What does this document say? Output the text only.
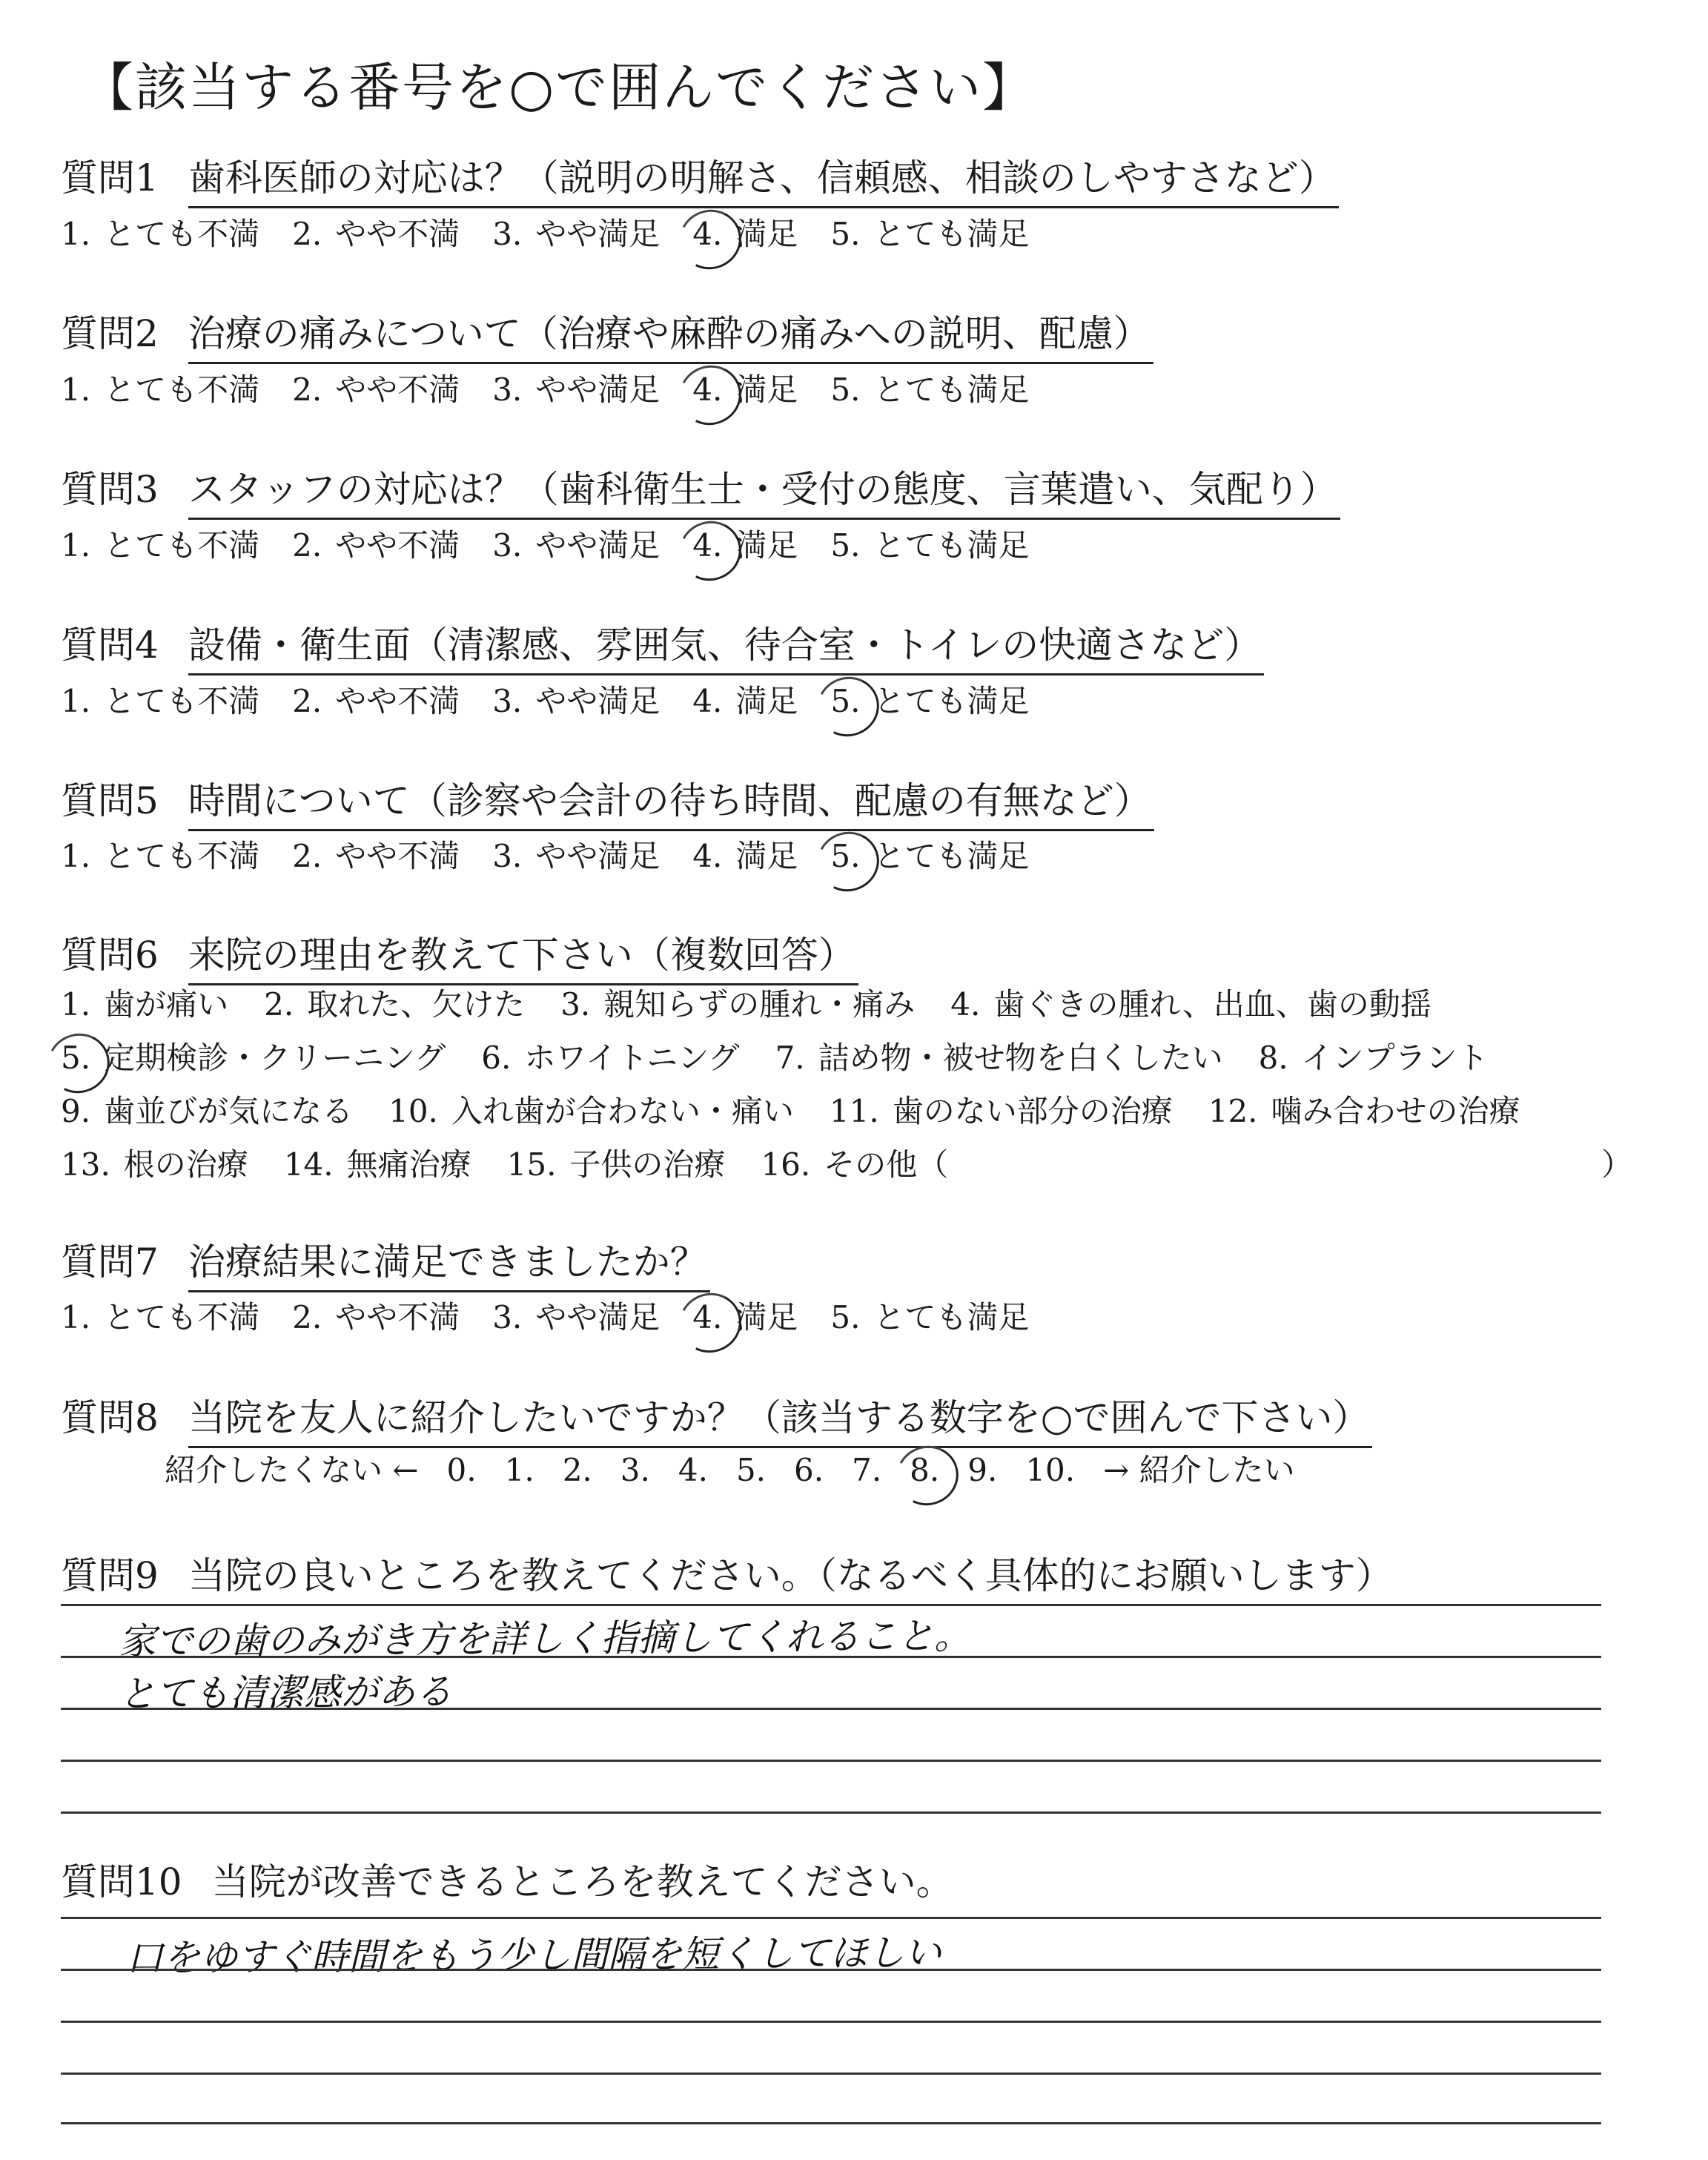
【該当する番号を○で囲んでください】
質問1 歯科医師の対応は？（説明の明解さ、信頼感、相談のしやすさなど）
1. とても不満 2. やや不満 3. やや満足 4. 満足 5. とても満足
質問2 治療の痛みについて（治療や麻酔の痛みへの説明、配慮）
1. とても不満 2. やや不満 3. やや満足 4. 満足 5. とても満足
質問3 スタッフの対応は？（歯科衛生士・受付の態度、言葉遣い、気配り）
1. とても不満 2. やや不満 3. やや満足 4. 満足 5. とても満足
質問4 設備・衛生面（清潔感、雰囲気、待合室・トイレの快適さなど）
1. とても不満 2. やや不満 3. やや満足 4. 満足 5. とても満足
質問5 時間について（診察や会計の待ち時間、配慮の有無など）
1. とても不満 2. やや不満 3. やや満足 4. 満足 5. とても満足
質問6 来院の理由を教えて下さい（複数回答）
1. 歯が痛い 2. 取れた、欠けた 3. 親知らずの腫れ・痛み 4. 歯ぐきの腫れ、出血、歯の動揺
5. 定期検診・クリーニング 6. ホワイトニング 7. 詰め物・被せ物を白くしたい 8. インプラント
9. 歯並びが気になる 10. 入れ歯が合わない・痛い 11. 歯のない部分の治療 12. 噛み合わせの治療
13. 根の治療 14. 無痛治療 15. 子供の治療 16. その他（	）
質問7 治療結果に満足できましたか？
1. とても不満 2. やや不満 3. やや満足 4. 満足 5. とても満足
質問8 当院を友人に紹介したいですか？（該当する数字を○で囲んで下さい）
紹介したくない ← 0. 1. 2. 3. 4. 5. 6. 7. 8. 9. 10. → 紹介したい
質問9 当院の良いところを教えてください。（なるべく具体的にお願いします）
家での歯のみがき方を詳しく指摘してくれること。
とても清潔感がある
質問10 当院が改善できるところを教えてください。
口をゆすぐ時間をもう少し間隔を短くしてほしい
